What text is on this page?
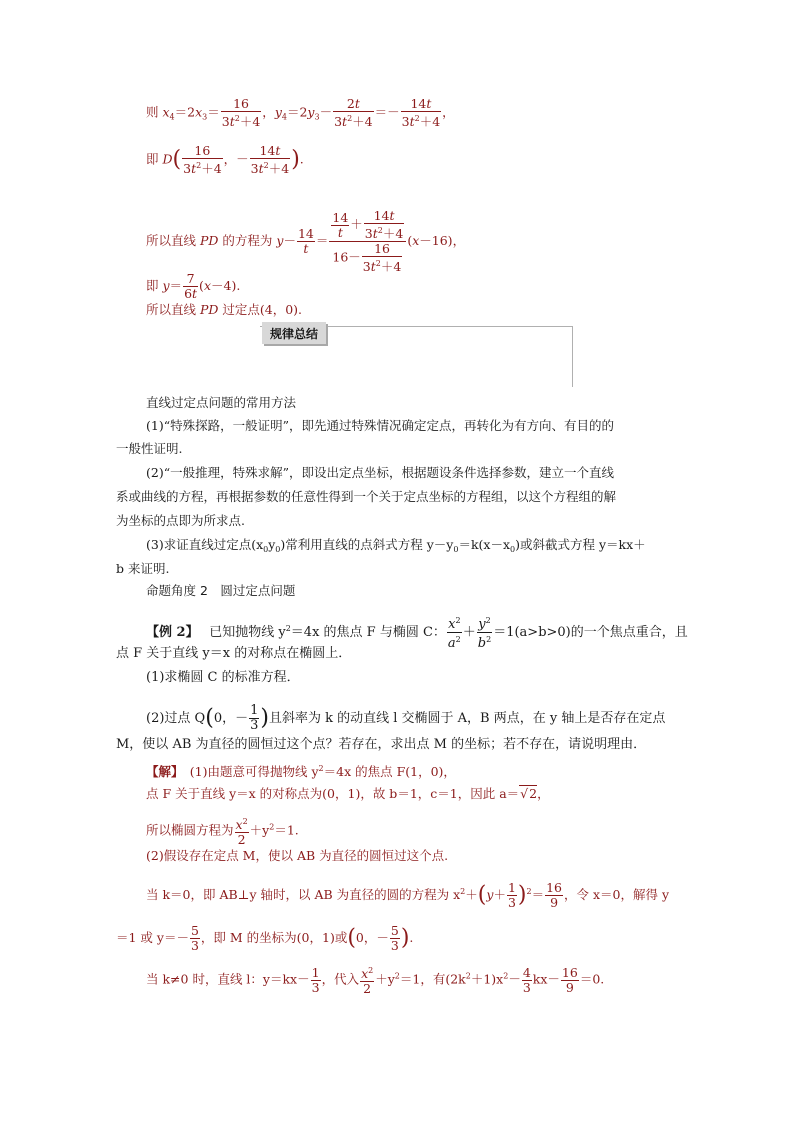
则 $x_4=2x_3= \frac{16}{3t^2+4}$ ，$y_4=2y_3- \frac{2t}{3t^2+4} =- \frac{14t}{3t^2+4}$ ，
即 $D( \frac{16}{3t^2+4}$ ，－ $\frac{14t}{3t^2+4}$ ).
所以直线 PD 的方程为 $y- \frac{14}{t} = \frac{\frac{14}{t} + \frac{14t}{3t^2+4}}{16- \frac{16}{3t^2+4}} (x-16)$，
即 $y= \frac{7}{6t} (x-4)$.
所以直线 PD 过定点(4，0).
规律总结
直线过定点问题的常用方法
(1)“特殊探路，一般证明”，即先通过特殊情况确定定点，再转化为有方向、有目的的
一般性证明.
(2)“一般推理，特殊求解”，即设出定点坐标，根据题设条件选择参数，建立一个直线
系或曲线的方程，再根据参数的任意性得到一个关于定点坐标的方程组，以这个方程组的解
为坐标的点即为所求点.
(3)求证直线过定点$(x_0y_0)$常利用直线的点斜式方程 $y-y_0=k(x-x_0)$或斜截式方程 y＝kx＋
b 来证明.
命题角度 2　圆过定点问题
【例 2】　 已知抛物线 $y^2=4x$ 的焦点 F 与椭圆 C： $\frac{x^2}{a^2} + \frac{y^2}{b^2} =1(a>b>0)$的一个焦点重合，且
点 F 关于直线 y＝x 的对称点在椭圆上．
(1)求椭圆 C 的标准方程．
(2)过点 Q(0，－ $\frac{1}{3}$ )且斜率为 k 的动直线 l 交椭圆于 A，B 两点，在 y 轴上是否存在定点
M，使以 AB 为直径的圆恒过这个点？若存在，求出点 M 的坐标；若不存在，请说明理由．
【解】　 (1)由题意可得抛物线 $y^2=4x$ 的焦点 F(1，0)，
点 F 关于直线 y＝x 的对称点为(0，1)，故 b＝1，c＝1，因此 a＝√2，
所以椭圆方程为 $\frac{x^2}{2} +y^2=1$.
(2)假设存在定点 M，使以 AB 为直径的圆恒过这个点.
当 k＝0，即 AB⊥y 轴时，以 AB 为直径的圆的方程为 $x^2+(y+ \frac{1}{3} )^2= \frac{16}{9}$ ，令 x＝0，解得 y
＝1 或 $y=- \frac{5}{3}$ ，即 M 的坐标为(0，1)或(0，－ $\frac{5}{3}$ ).
当 k≠0 时，直线 l：$y=kx- \frac{1}{3}$ ，代入 $\frac{x^2}{2} +y^2=1$，有$(2k^2+1)x^2- \frac{4}{3} kx- \frac{16}{9} =0$.
